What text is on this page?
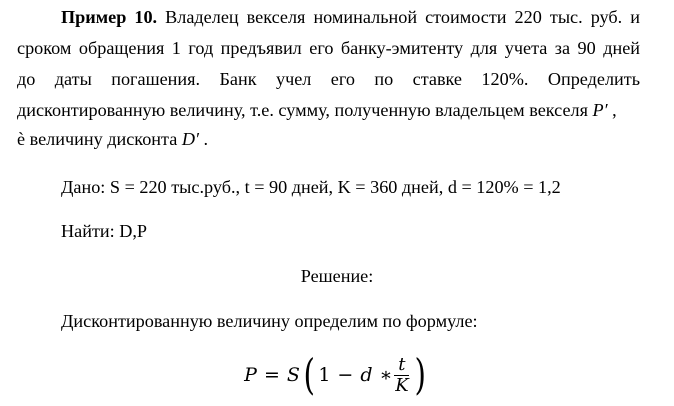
Пример 10. Владелец векселя номинальной стоимости 220 тыс. руб. и
сроком обращения 1 год предъявил его банку-эмитенту для учета за 90 дней
до даты погашения. Банк учел его по ставке 120%. Определить
дисконтированную величину, т.е. сумму, полученную владельцем векселя P′ ,
è величину дисконта D′ .
Дано: S = 220 тыс.руб., t = 90 дней, K = 360 дней, d = 120% = 1,2
Найти: D,P
Решение:
Дисконтированную величину определим по формуле:
P = S ( 1 − d ∗ $\frac{t}{K}$ )
